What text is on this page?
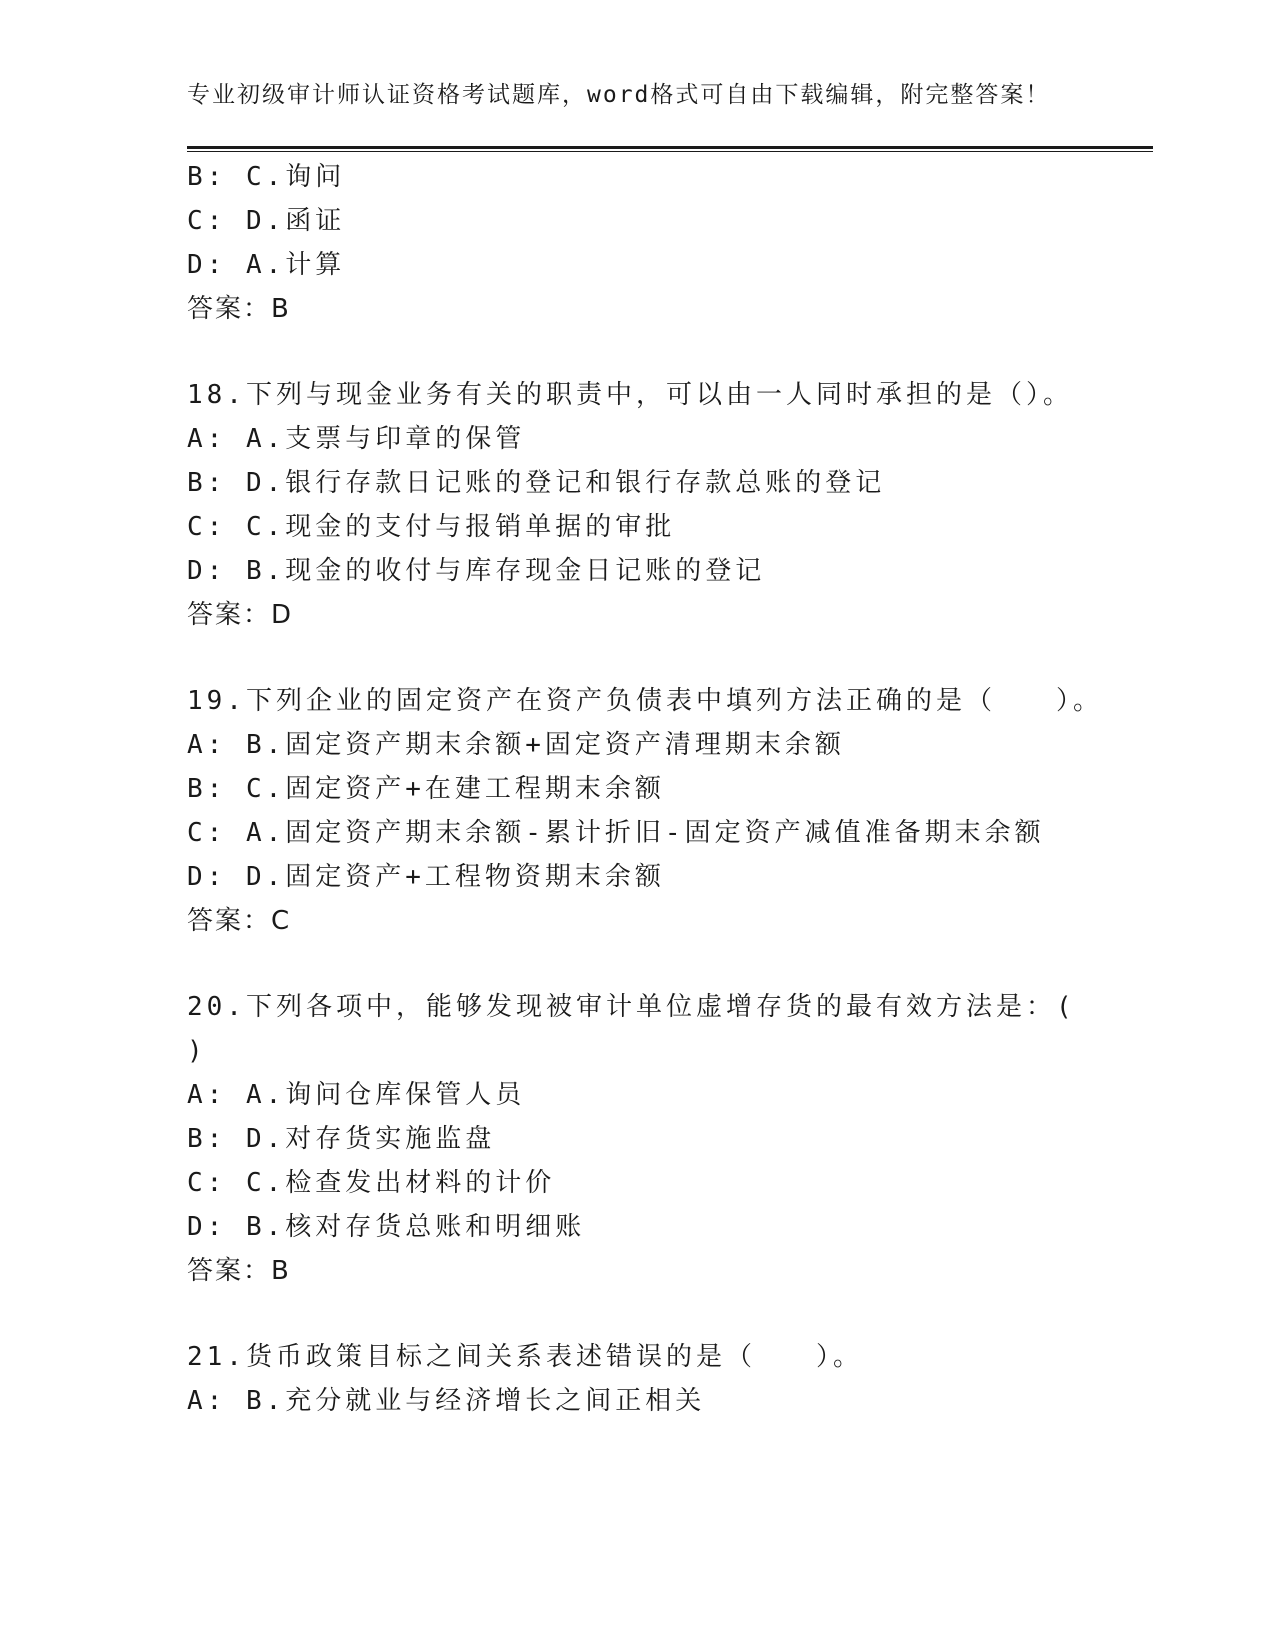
专业初级审计师认证资格考试题库，word格式可自由下载编辑，附完整答案！
B: C.询问
C: D.函证
D: A.计算
答案：B
18.下列与现金业务有关的职责中，可以由一人同时承担的是（）。
A: A.支票与印章的保管
B: D.银行存款日记账的登记和银行存款总账的登记
C: C.现金的支付与报销单据的审批
D: B.现金的收付与库存现金日记账的登记
答案：D
19.下列企业的固定资产在资产负债表中填列方法正确的是（　　）。
A: B.固定资产期末余额+固定资产清理期末余额
B: C.固定资产+在建工程期末余额
C: A.固定资产期末余额-累计折旧-固定资产减值准备期末余额
D: D.固定资产+工程物资期末余额
答案：C
20.下列各项中，能够发现被审计单位虚增存货的最有效方法是：(
)
A: A.询问仓库保管人员
B: D.对存货实施监盘
C: C.检查发出材料的计价
D: B.核对存货总账和明细账
答案：B
21.货币政策目标之间关系表述错误的是（　　）。
A: B.充分就业与经济增长之间正相关
